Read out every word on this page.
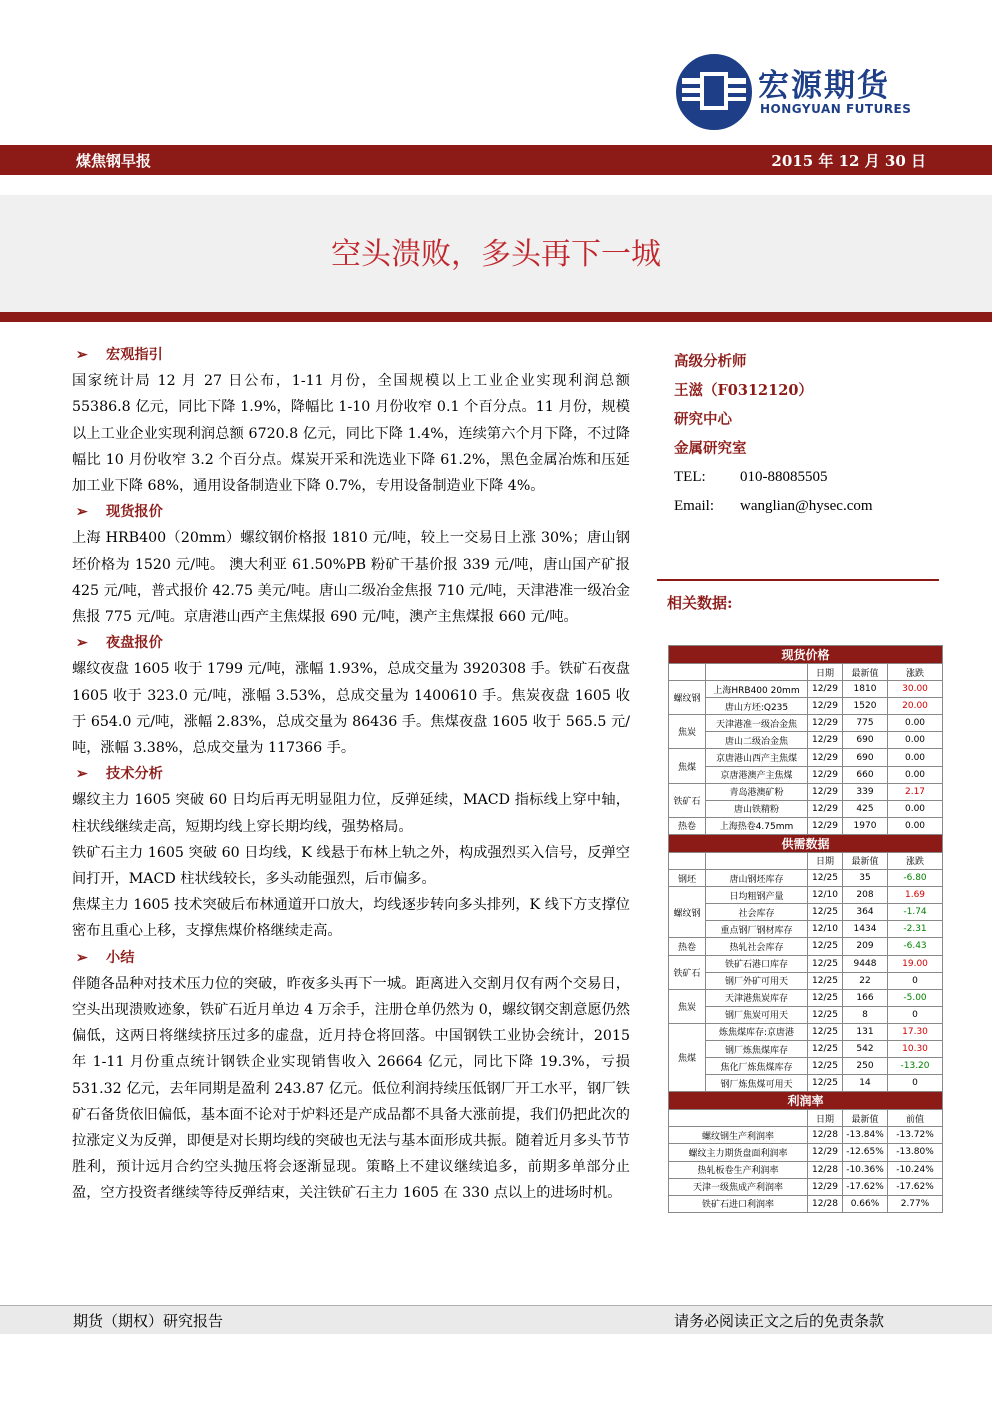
宏源期货
HONGYUAN FUTURES
煤焦钢早报	2015 年 12 月 30 日
空头溃败，多头再下一城
➢ 宏观指引
国家统计局 12 月 27 日公布，1-11 月份，全国规模以上工业企业实现利润总额 55386.8 亿元，同比下降 1.9%，降幅比 1-10 月份收窄 0.1 个百分点。11 月份，规模以上工业企业实现利润总额 6720.8 亿元，同比下降 1.4%，连续第六个月下降，不过降幅比 10 月份收窄 3.2 个百分点。煤炭开采和洗选业下降 61.2%，黑色金属冶炼和压延加工业下降 68%，通用设备制造业下降 0.7%，专用设备制造业下降 4%。
➢ 现货报价
上海 HRB400（20mm）螺纹钢价格报 1810 元/吨，较上一交易日上涨 30%；唐山钢坯价格为 1520 元/吨。 澳大利亚 61.50%PB 粉矿干基价报 339 元/吨，唐山国产矿报 425 元/吨，普式报价 42.75 美元/吨。唐山二级冶金焦报 710 元/吨，天津港准一级冶金焦报 775 元/吨。京唐港山西产主焦煤报 690 元/吨，澳产主焦煤报 660 元/吨。
➢ 夜盘报价
螺纹夜盘 1605 收于 1799 元/吨，涨幅 1.93%，总成交量为 3920308 手。铁矿石夜盘 1605 收于 323.0 元/吨，涨幅 3.53%，总成交量为 1400610 手。焦炭夜盘 1605 收于 654.0 元/吨，涨幅 2.83%，总成交量为 86436 手。焦煤夜盘 1605 收于 565.5 元/吨，涨幅 3.38%，总成交量为 117366 手。
➢ 技术分析
螺纹主力 1605 突破 60 日均后再无明显阻力位，反弹延续，MACD 指标线上穿中轴，柱状线继续走高，短期均线上穿长期均线，强势格局。
铁矿石主力 1605 突破 60 日均线，K 线悬于布林上轨之外，构成强烈买入信号，反弹空间打开，MACD 柱状线较长，多头动能强烈，后市偏多。
焦煤主力 1605 技术突破后布林通道开口放大，均线逐步转向多头排列，K 线下方支撑位密布且重心上移，支撑焦煤价格继续走高。
➢ 小结
伴随各品种对技术压力位的突破，昨夜多头再下一城。距离进入交割月仅有两个交易日，空头出现溃败迹象，铁矿石近月单边 4 万余手，注册仓单仍然为 0，螺纹钢交割意愿仍然偏低，这两日将继续挤压过多的虚盘，近月持仓将回落。中国钢铁工业协会统计，2015 年 1-11 月份重点统计钢铁企业实现销售收入 26664 亿元，同比下降 19.3%，亏损 531.32 亿元，去年同期是盈利 243.87 亿元。低位利润持续压低钢厂开工水平，钢厂铁矿石备货依旧偏低，基本面不论对于炉料还是产成品都不具备大涨前提，我们仍把此次的拉涨定义为反弹，即便是对长期均线的突破也无法与基本面形成共振。随着近月多头节节胜利，预计远月合约空头抛压将会逐渐显现。策略上不建议继续追多，前期多单部分止盈，空方投资者继续等待反弹结束，关注铁矿石主力 1605 在 330 点以上的进场时机。
高级分析师
王滋（F0312120）
研究中心
金属研究室
TEL: 010-88085505
Email: wanglian@hysec.com
相关数据:
现货价格				
		日期	最新值	涨跌
螺纹钢	上海HRB400 20mm	12/29	1810	30.00
	唐山方坯:Q235	12/29	1520	20.00
焦炭	天津港准一级冶金焦	12/29	775	0.00
	唐山二级冶金焦	12/29	690	0.00
焦煤	京唐港山西产主焦煤	12/29	690	0.00
	京唐港澳产主焦煤	12/29	660	0.00
铁矿石	青岛港澳矿粉	12/29	339	2.17
	唐山铁精粉	12/29	425	0.00
热卷	上海热卷4.75mm	12/29	1970	0.00
供需数据				
		日期	最新值	涨跌
钢坯	唐山钢坯库存	12/25	35	-6.80
螺纹钢	日均粗钢产量	12/10	208	1.69
	社会库存	12/25	364	-1.74
	重点钢厂钢材库存	12/10	1434	-2.31
热卷	热轧社会库存	12/25	209	-6.43
铁矿石	铁矿石港口库存	12/25	9448	19.00
	钢厂外矿可用天	12/25	22	0
焦炭	天津港焦炭库存	12/25	166	-5.00
	钢厂焦炭可用天	12/25	8	0
焦煤	炼焦煤库存:京唐港	12/25	131	17.30
	钢厂炼焦煤库存	12/25	542	10.30
	焦化厂炼焦煤库存	12/25	250	-13.20
	钢厂炼焦煤可用天	12/25	14	0
利润率				
		日期	最新值	前值
螺纹钢生产利润率		12/28	-13.84%	-13.72%
螺纹主力期货盘面利润率		12/29	-12.65%	-13.80%
热轧板卷生产利润率		12/28	-10.36%	-10.24%
天津一级焦成产利润率		12/29	-17.62%	-17.62%
铁矿石进口利润率		12/28	0.66%	2.77%
期货（期权）研究报告	请务必阅读正文之后的免责条款
